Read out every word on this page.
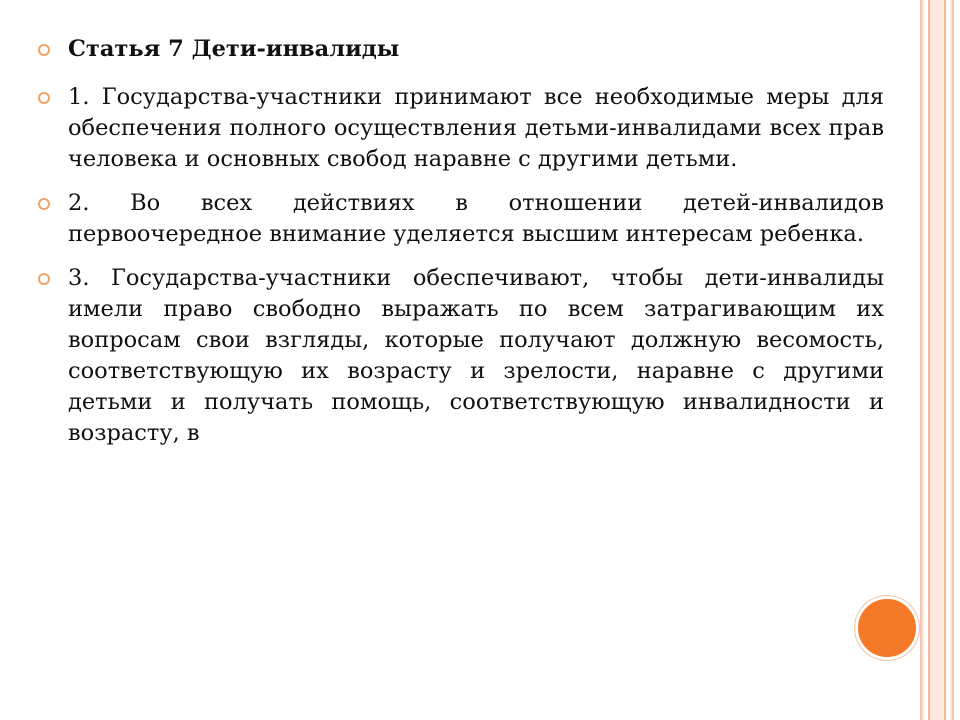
Статья 7 Дети-инвалиды
1. Государства-участники принимают все необходимые меры для обеспечения полного осуществления детьми-инвалидами всех прав человека и основных свобод наравне с другими детьми.
2. Во всех действиях в отношении детей-инвалидов первоочередное внимание уделяется высшим интересам ребенка.
3. Государства-участники обеспечивают, чтобы дети-инвалиды имели право свободно выражать по всем затрагивающим их вопросам свои взгляды, которые получают должную весомость, соответствующую их возрасту и зрелости, наравне с другими детьми и получать помощь, соответствующую инвалидности и возрасту, в
